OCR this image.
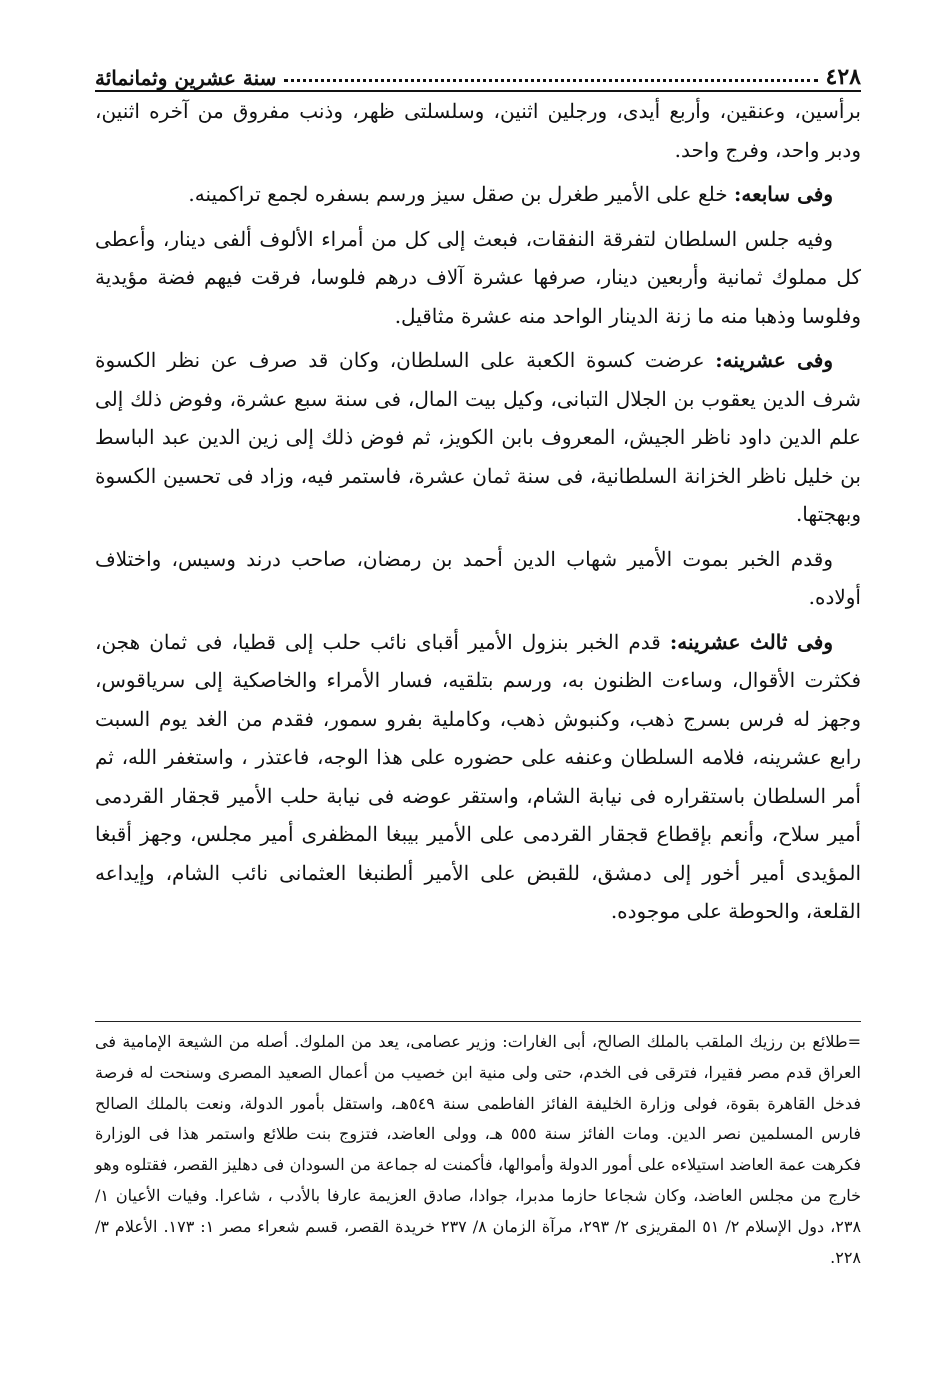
٤٢٨
سنة عشرين وثمانمائة

برأسين، وعنقين، وأربع أيدى، ورجلين اثنين، وسلسلتى ظهر، وذنب مفروق من آخره اثنين، ودبر واحد، وفرج واحد.

وفى سابعه: خلع على الأمير طغرل بن صقل سيز ورسم بسفره لجمع تراكمينه.

وفيه جلس السلطان لتفرقة النفقات، فبعث إلى كل من أمراء الألوف ألفى دينار، وأعطى كل مملوك ثمانية وأربعين دينار، صرفها عشرة آلاف درهم فلوسا، فرقت فيهم فضة مؤيدية وفلوسا وذهبا منه ما زنة الدينار الواحد منه عشرة مثاقيل.

وفى عشرينه: عرضت كسوة الكعبة على السلطان، وكان قد صرف عن نظر الكسوة شرف الدين يعقوب بن الجلال التبانى، وكيل بيت المال، فى سنة سبع عشرة، وفوض ذلك إلى علم الدين داود ناظر الجيش، المعروف بابن الكويز، ثم فوض ذلك إلى زين الدين عبد الباسط بن خليل ناظر الخزانة السلطانية، فى سنة ثمان عشرة، فاستمر فيه، وزاد فى تحسين الكسوة وبهجتها.

وقدم الخبر بموت الأمير شهاب الدين أحمد بن رمضان، صاحب درند وسيس، واختلاف أولاده.

وفى ثالث عشرينه: قدم الخبر بنزول الأمير أقباى نائب حلب إلى قطيا، فى ثمان هجن، فكثرت الأقوال، وساءت الظنون به، ورسم بتلقيه، فسار الأمراء والخاصكية إلى سرياقوس، وجهز له فرس بسرج ذهب، وكنبوش ذهب، وكاملية بفرو سمور، فقدم من الغد يوم السبت رابع عشرينه، فلامه السلطان وعنفه على حضوره على هذا الوجه، فاعتذر ، واستغفر الله، ثم أمر السلطان باستقراره فى نيابة الشام، واستقر عوضه فى نيابة حلب الأمير قجقار القردمى أمير سلاح، وأنعم بإقطاع قجقار القردمى على الأمير بيبغا المظفرى أمير مجلس، وجهز أقبغا المؤيدى أمير أخور إلى دمشق، للقبض على الأمير ألطنبغا العثمانى نائب الشام، وإيداعه القلعة، والحوطة على موجوده.

=طلائع بن رزيك الملقب بالملك الصالح، أبى الغارات: وزير عصامى، يعد من الملوك. أصله من الشيعة الإمامية فى العراق قدم مصر فقيرا، فترقى فى الخدم، حتى ولى منية ابن خصيب من أعمال الصعيد المصرى وسنحت له فرصة فدخل القاهرة بقوة، فولى وزارة الخليفة الفائز الفاطمى سنة ٥٤٩هـ، واستقل بأمور الدولة، ونعت بالملك الصالح فارس المسلمين نصر الدين. ومات الفائز سنة ٥٥٥ هـ، وولى العاضد، فتزوج بنت طلائع واستمر هذا فى الوزارة فكرهت عمة العاضد استيلاءه على أمور الدولة وأموالها، فأكمنت له جماعة من السودان فى دهليز القصر، فقتلوه وهو خارج من مجلس العاضد، وكان شجاعا حازما مدبرا، جوادا، صادق العزيمة عارفا بالأدب ، شاعرا. وفيات الأعيان ١/ ٢٣٨، دول الإسلام ٢/ ٥١ المقريزى ٢/ ٢٩٣، مرآة الزمان ٨/ ٢٣٧ خريدة القصر، قسم شعراء مصر ١: ١٧٣. الأعلام ٣/ ٢٢٨.
